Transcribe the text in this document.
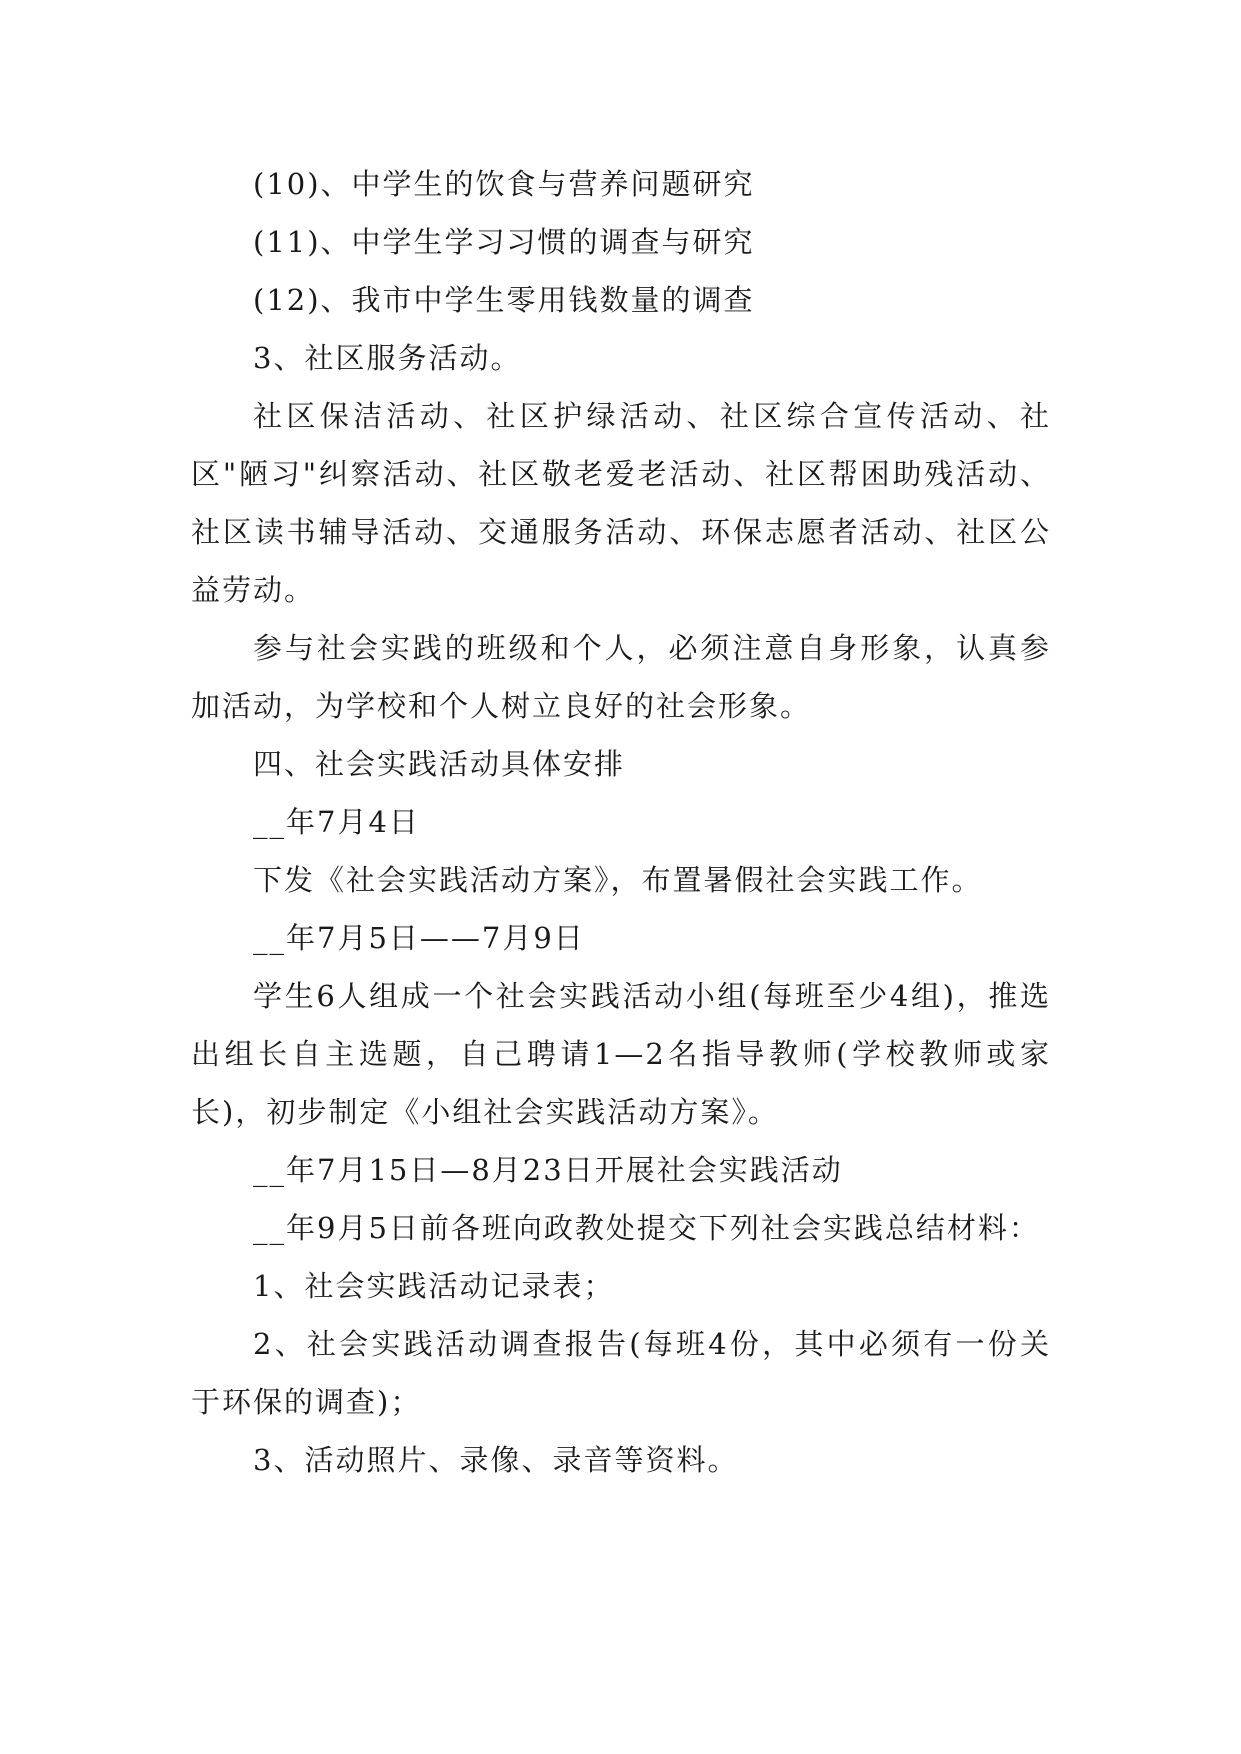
(10)、中学生的饮食与营养问题研究

(11)、中学生学习习惯的调查与研究

(12)、我市中学生零用钱数量的调查

3、社区服务活动。

社区保洁活动、社区护绿活动、社区综合宣传活动、社区"陋习"纠察活动、社区敬老爱老活动、社区帮困助残活动、社区读书辅导活动、交通服务活动、环保志愿者活动、社区公益劳动。

参与社会实践的班级和个人，必须注意自身形象，认真参加活动，为学校和个人树立良好的社会形象。

四、社会实践活动具体安排

__年7月4日

下发《社会实践活动方案》，布置暑假社会实践工作。

__年7月5日——7月9日

学生6人组成一个社会实践活动小组(每班至少4组)，推选出组长自主选题，自己聘请1—2名指导教师(学校教师或家长)，初步制定《小组社会实践活动方案》。

__年7月15日—8月23日开展社会实践活动

__年9月5日前各班向政教处提交下列社会实践总结材料：

1、社会实践活动记录表；

2、社会实践活动调查报告(每班4份，其中必须有一份关于环保的调查)；

3、活动照片、录像、录音等资料。
